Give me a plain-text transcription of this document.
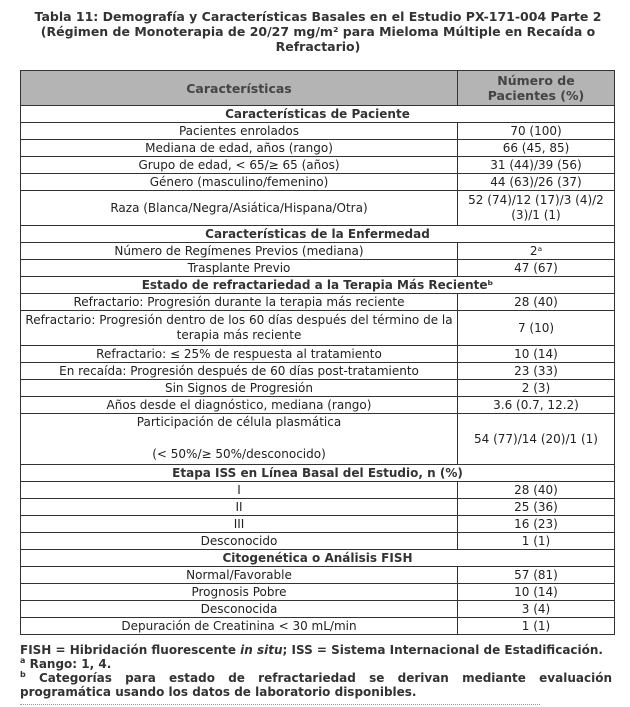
Tabla 11: Demografía y Características Basales en el Estudio PX-171-004 Parte 2
(Régimen de Monoterapia de 20/27 mg/m² para Mieloma Múltiple en Recaída o
Refractario)
Características	Número de Pacientes (%)
Características de Paciente	
Pacientes enrolados	70 (100)
Mediana de edad, años (rango)	66 (45, 85)
Grupo de edad, < 65/≥ 65 (años)	31 (44)/39 (56)
Género (masculino/femenino)	44 (63)/26 (37)
Raza (Blanca/Negra/Asiática/Hispana/Otra)	52 (74)/12 (17)/3 (4)/2 (3)/1 (1)
Características de la Enfermedad	
Número de Regímenes Previos (mediana)	2ᵃ
Trasplante Previo	47 (67)
Estado de refractariedad a la Terapia Más Recienteᵇ	
Refractario: Progresión durante la terapia más reciente	28 (40)
Refractario: Progresión dentro de los 60 días después del término de la terapia más reciente	7 (10)
Refractario: ≤ 25% de respuesta al tratamiento	10 (14)
En recaída: Progresión después de 60 días post-tratamiento	23 (33)
Sin Signos de Progresión	2 (3)
Años desde el diagnóstico, mediana (rango)	3.6 (0.7, 12.2)

Participación de célula plasmática
(< 50%/≥ 50%/desconocido)	54 (77)/14 (20)/1 (1)
Etapa ISS en Línea Basal del Estudio, n (%)	
I	28 (40)
II	25 (36)
III	16 (23)
Desconocido	1 (1)
Citogenética o Análisis FISH	
Normal/Favorable	57 (81)
Prognosis Pobre	10 (14)
Desconocida	3 (4)
Depuración de Creatinina < 30 mL/min	1 (1)
FISH = Hibridación fluorescente in situ; ISS = Sistema Internacional de Estadificación.
$^a$ Rango: 1, 4.
$^b$ Categorías para estado de refractariedad se derivan mediante evaluación programática usando los datos de laboratorio disponibles.
